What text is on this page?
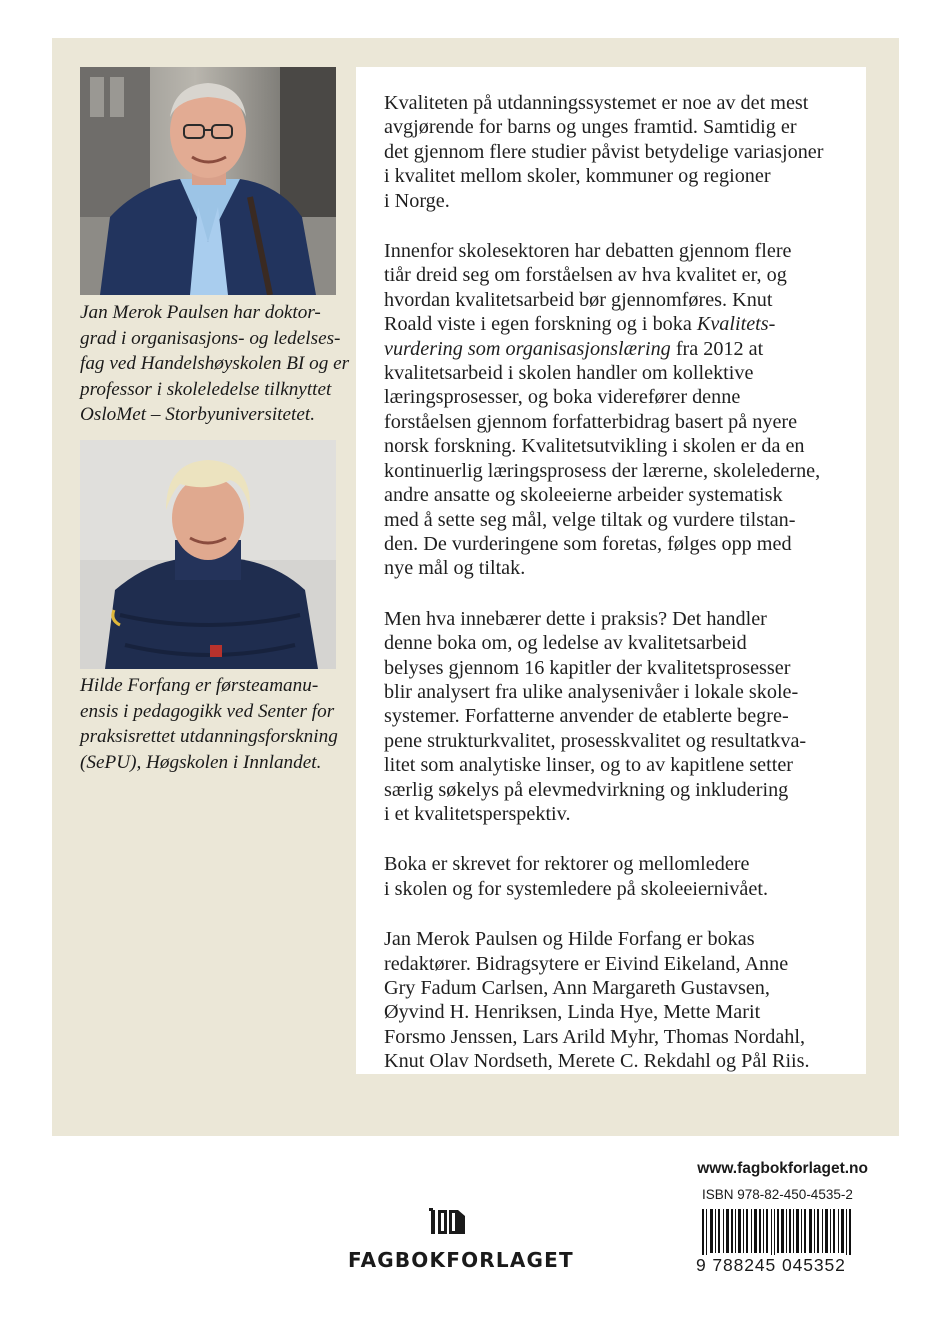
Jan Merok Paulsen har doktor-
grad i organisasjons- og ledelses-
fag ved Handelshøyskolen BI og er
professor i skoleledelse tilknyttet
OsloMet – Storbyuniversitetet.
Hilde Forfang er førsteamanu-
ensis i pedagogikk ved Senter for
praksisrettet utdanningsforskning
(SePU), Høgskolen i Innlandet.

Kvaliteten på utdanningssystemet er noe av det mest
avgjørende for barns og unges framtid. Samtidig er
det gjennom flere studier påvist betydelige variasjoner
i kvalitet mellom skoler, kommuner og regioner
i Norge.

Innenfor skolesektoren har debatten gjennom flere
tiår dreid seg om forståelsen av hva kvalitet er, og
hvordan kvalitetsarbeid bør gjennomføres. Knut
Roald viste i egen forskning og i boka Kvalitets-
vurdering som organisasjonslæring fra 2012 at
kvalitetsarbeid i skolen handler om kollektive
læringsprosesser, og boka viderefører denne
forståelsen gjennom forfatterbidrag basert på nyere
norsk forskning. Kvalitetsutvikling i skolen er da en
kontinuerlig læringsprosess der lærerne, skolelederne,
andre ansatte og skoleeierne arbeider systematisk
med å sette seg mål, velge tiltak og vurdere tilstan-
den. De vurderingene som foretas, følges opp med
nye mål og tiltak.

Men hva innebærer dette i praksis? Det handler
denne boka om, og ledelse av kvalitetsarbeid
belyses gjennom 16 kapitler der kvalitetsprosesser
blir analysert fra ulike analysenivåer i lokale skole-
systemer. Forfatterne anvender de etablerte begre-
pene strukturkvalitet, prosesskvalitet og resultatkva-
litet som analytiske linser, og to av kapitlene setter
særlig søkelys på elevmedvirkning og inkludering
i et kvalitetsperspektiv.

Boka er skrevet for rektorer og mellomledere
i skolen og for systemledere på skoleeiernivået.

Jan Merok Paulsen og Hilde Forfang er bokas
redaktører. Bidragsytere er Eivind Eikeland, Anne
Gry Fadum Carlsen, Ann Margareth Gustavsen,
Øyvind H. Henriksen, Linda Hye, Mette Marit
Forsmo Jenssen, Lars Arild Myhr, Thomas Nordahl,
Knut Olav Nordseth, Merete C. Rekdahl og Pål Riis.

FAGBOKFORLAGET
www.fagbokforlaget.no
ISBN 978-82-450-4535-2
9 788245 045352
